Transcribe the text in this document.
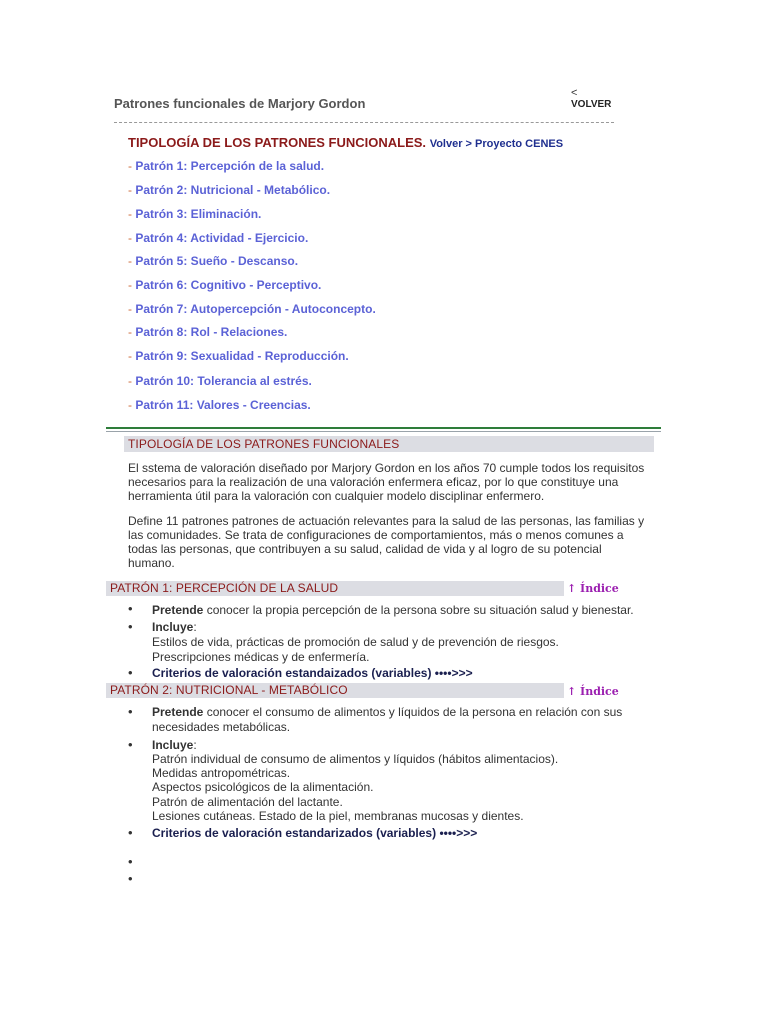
Patrones funcionales de Marjory Gordon
<
VOLVER
TIPOLOGÍA DE LOS PATRONES FUNCIONALES. Volver > Proyecto CENES
- Patrón 1: Percepción de la salud.
- Patrón 2: Nutricional - Metabólico.
- Patrón 3: Eliminación.
- Patrón 4: Actividad - Ejercicio.
- Patrón 5: Sueño - Descanso.
- Patrón 6: Cognitivo - Perceptivo.
- Patrón 7: Autopercepción - Autoconcepto.
- Patrón 8: Rol - Relaciones.
- Patrón 9: Sexualidad - Reproducción.
- Patrón 10: Tolerancia al estrés.
- Patrón 11: Valores - Creencias.
TIPOLOGÍA DE LOS PATRONES FUNCIONALES
El sstema de valoración diseñado por Marjory Gordon en los años 70 cumple todos los requisitos necesarios para la realización de una valoración enfermera eficaz, por lo que constituye una herramienta útil para la valoración con cualquier modelo disciplinar enfermero.
Define 11 patrones patrones de actuación relevantes para la salud de las personas, las familias y las comunidades. Se trata de configuraciones de comportamientos, más o menos comunes a todas las personas, que contribuyen a su salud, calidad de vida y al logro de su potencial humano.
PATRÓN 1: PERCEPCIÓN DE LA SALUD	↑ Índice
• Pretende conocer la propia percepción de la persona sobre su situación salud y bienestar.
• Incluye:
Estilos de vida, prácticas de promoción de salud y de prevención de riesgos.
Prescripciones médicas y de enfermería.
• Criterios de valoración estandaizados (variables) ••••>>>
PATRÓN 2: NUTRICIONAL - METABÓLICO	↑ Índice
• Pretende conocer el consumo de alimentos y líquidos de la persona en relación con sus
necesidades metabólicas.
• Incluye:
Patrón individual de consumo de alimentos y líquidos (hábitos alimentacios).
Medidas antropométricas.
Aspectos psicológicos de la alimentación.
Patrón de alimentación del lactante.
Lesiones cutáneas. Estado de la piel, membranas mucosas y dientes.
• Criterios de valoración estandarizados (variables) ••••>>>
•
•
